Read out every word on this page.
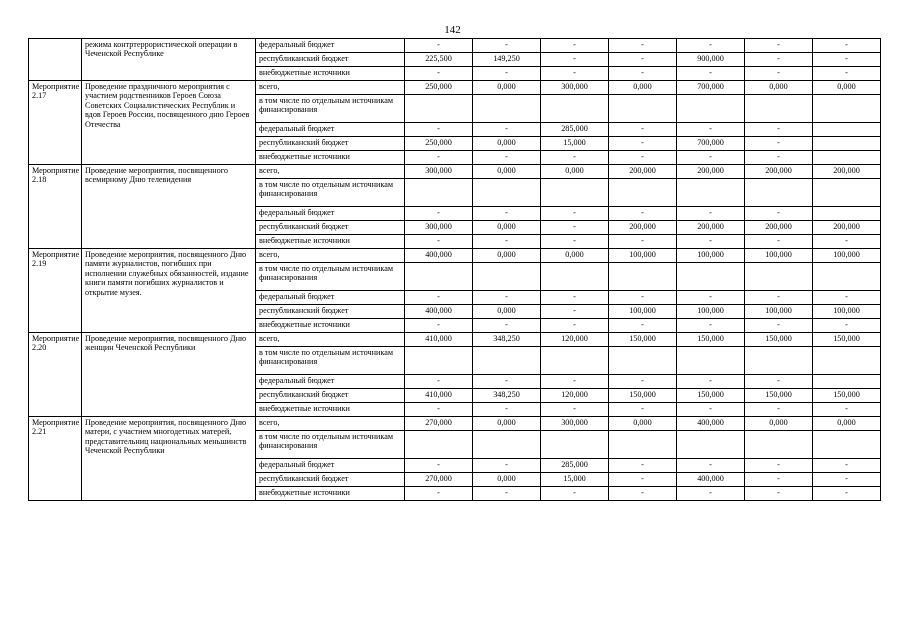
142
	режима контртеррористической операции в Чеченской Республике	федеральный бюджет	-	-	-	-	-	-	-
		республиканский бюджет	225,500	149,250	-	-	900,000	-	-
		внебюджетные источники	-	-	-	-	-	-	-
Мероприятие 2.17	Проведение праздничного мероприятия с участием родственников Героев Союза Советских Социалистических Республик и вдов Героев России, посвященного дню Героев Отечества	всего,	250,000	0,000	300,000	0,000	700,000	0,000	0,000
		в том числе по отдельным источникам финансирования							
		федеральный бюджет	-	-	285,000	-	-	-	
		республиканский бюджет	250,000	0,000	15,000	-	700,000	-	
		внебюджетные источники	-	-	-	-	-	-	
Мероприятие 2.18	Проведение мероприятия, посвященного всемирному Дню телевидения	всего,	300,000	0,000	0,000	200,000	200,000	200,000	200,000
		в том числе по отдельным источникам финансирования							
		федеральный бюджет	-	-	-	-	-	-	
		республиканский бюджет	300,000	0,000	-	200,000	200,000	200,000	200,000
		внебюджетные источники	-	-	-	-	-	-	-
Мероприятие 2.19	Проведение мероприятия, посвященного Дню памяти журналистов, погибших при исполнении служебных обязанностей, издание книги памяти погибших журналистов и открытие музея.	всего,	400,000	0,000	0,000	100,000	100,000	100,000	100,000
		в том числе по отдельным источникам финансирования							
		федеральный бюджет	-	-	-	-	-	-	-
		республиканский бюджет	400,000	0,000	-	100,000	100,000	100,000	100,000
		внебюджетные источники	-	-	-	-	-	-	-
Мероприятие 2.20	Проведение мероприятия, посвященного Дню женщин Чеченской Республики	всего,	410,000	348,250	120,000	150,000	150,000	150,000	150,000
		в том числе по отдельным источникам финансирования							
		федеральный бюджет	-	-	-	-	-	-	
		республиканский бюджет	410,000	348,250	120,000	150,000	150,000	150,000	150,000
		внебюджетные источники	-	-	-	-	-	-	-
Мероприятие 2.21	Проведение мероприятия, посвященного Дню матери, с участием многодетных матерей, представительниц национальных меньшинств Чеченской Республики	всего,	270,000	0,000	300,000	0,000	400,000	0,000	0,000
		в том числе по отдельным источникам финансирования							
		федеральный бюджет	-	-	285,000	-	-	-	-
		республиканский бюджет	270,000	0,000	15,000	-	400,000	-	-
		внебюджетные источники	-	-	-	-	-	-	-
